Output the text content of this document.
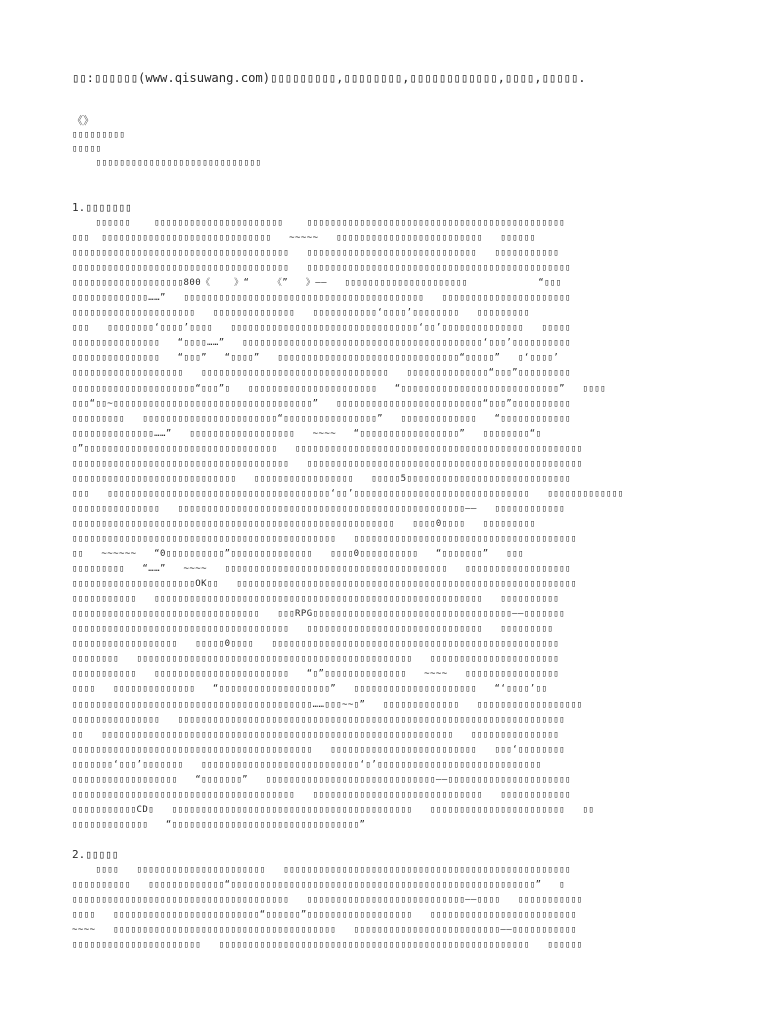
▯▯:▯▯▯▯▯▯(www.qisuwang.com)▯▯▯▯▯▯▯▯▯,▯▯▯▯▯▯▯▯,▯▯▯▯▯▯▯▯▯▯▯▯,▯▯▯▯,▯▯▯▯▯.
《》
▯▯▯▯▯▯▯▯▯
▯▯▯▯▯
▯▯▯▯▯▯▯▯▯▯▯▯▯▯▯▯▯▯▯▯▯▯▯▯▯▯▯▯
1.▯▯▯▯▯▯▯
▯▯▯▯▯▯    ▯▯▯▯▯▯▯▯▯▯▯▯▯▯▯▯▯▯▯▯▯▯    ▯▯▯▯▯▯▯▯▯▯▯▯▯▯▯▯▯▯▯▯▯▯▯▯▯▯▯▯▯▯▯▯▯▯▯▯▯▯▯▯▯▯▯▯
▯▯▯  ▯▯▯▯▯▯▯▯▯▯▯▯▯▯▯▯▯▯▯▯▯▯▯▯▯▯▯▯▯   ~~~~~   ▯▯▯▯▯▯▯▯▯▯▯▯▯▯▯▯▯▯▯▯▯▯▯▯▯   ▯▯▯▯▯▯
▯▯▯▯▯▯▯▯▯▯▯▯▯▯▯▯▯▯▯▯▯▯▯▯▯▯▯▯▯▯▯▯▯▯▯▯▯   ▯▯▯▯▯▯▯▯▯▯▯▯▯▯▯▯▯▯▯▯▯▯▯▯▯▯▯▯▯   ▯▯▯▯▯▯▯▯▯▯▯
▯▯▯▯▯▯▯▯▯▯▯▯▯▯▯▯▯▯▯▯▯▯▯▯▯▯▯▯▯▯▯▯▯▯▯▯▯   ▯▯▯▯▯▯▯▯▯▯▯▯▯▯▯▯▯▯▯▯▯▯▯▯▯▯▯▯▯▯▯▯▯▯▯▯▯▯▯▯▯▯▯▯▯
▯▯▯▯▯▯▯▯▯▯▯▯▯▯▯▯▯▯▯800《    》“    《”   》——   ▯▯▯▯▯▯▯▯▯▯▯▯▯▯▯▯▯▯▯▯▯            “▯▯▯
▯▯▯▯▯▯▯▯▯▯▯▯▯……”   ▯▯▯▯▯▯▯▯▯▯▯▯▯▯▯▯▯▯▯▯▯▯▯▯▯▯▯▯▯▯▯▯▯▯▯▯▯▯▯▯▯   ▯▯▯▯▯▯▯▯▯▯▯▯▯▯▯▯▯▯▯▯▯▯
▯▯▯▯▯▯▯▯▯▯▯▯▯▯▯▯▯▯▯▯▯   ▯▯▯▯▯▯▯▯▯▯▯▯▯▯   ▯▯▯▯▯▯▯▯▯▯▯‘▯▯▯▯’▯▯▯▯▯▯▯▯   ▯▯▯▯▯▯▯▯▯
▯▯▯   ▯▯▯▯▯▯▯▯‘▯▯▯▯’▯▯▯▯   ▯▯▯▯▯▯▯▯▯▯▯▯▯▯▯▯▯▯▯▯▯▯▯▯▯▯▯▯▯▯▯▯‘▯▯’▯▯▯▯▯▯▯▯▯▯▯▯▯▯   ▯▯▯▯▯
▯▯▯▯▯▯▯▯▯▯▯▯▯▯▯   “▯▯▯▯……”   ▯▯▯▯▯▯▯▯▯▯▯▯▯▯▯▯▯▯▯▯▯▯▯▯▯▯▯▯▯▯▯▯▯▯▯▯▯▯▯▯▯‘▯▯▯’▯▯▯▯▯▯▯▯▯▯
▯▯▯▯▯▯▯▯▯▯▯▯▯▯▯   “▯▯▯”   “▯▯▯▯”   ▯▯▯▯▯▯▯▯▯▯▯▯▯▯▯▯▯▯▯▯▯▯▯▯▯▯▯▯▯▯▯“▯▯▯▯▯”   ▯‘▯▯▯▯’
▯▯▯▯▯▯▯▯▯▯▯▯▯▯▯▯▯▯▯   ▯▯▯▯▯▯▯▯▯▯▯▯▯▯▯▯▯▯▯▯▯▯▯▯▯▯▯▯▯▯▯▯   ▯▯▯▯▯▯▯▯▯▯▯▯▯▯“▯▯▯”▯▯▯▯▯▯▯▯▯
▯▯▯▯▯▯▯▯▯▯▯▯▯▯▯▯▯▯▯▯▯“▯▯▯”▯   ▯▯▯▯▯▯▯▯▯▯▯▯▯▯▯▯▯▯▯▯▯▯   “▯▯▯▯▯▯▯▯▯▯▯▯▯▯▯▯▯▯▯▯▯▯▯▯▯▯▯”   ▯▯▯▯
▯▯▯“▯▯~▯▯▯▯▯▯▯▯▯▯▯▯▯▯▯▯▯▯▯▯▯▯▯▯▯▯▯▯▯▯▯▯▯▯”   ▯▯▯▯▯▯▯▯▯▯▯▯▯▯▯▯▯▯▯▯▯▯▯▯▯“▯▯▯”▯▯▯▯▯▯▯▯▯▯
▯▯▯▯▯▯▯▯▯   ▯▯▯▯▯▯▯▯▯▯▯▯▯▯▯▯▯▯▯▯▯▯▯“▯▯▯▯▯▯▯▯▯▯▯▯▯▯▯▯”   ▯▯▯▯▯▯▯▯▯▯▯▯▯   “▯▯▯▯▯▯▯▯▯▯▯▯
▯▯▯▯▯▯▯▯▯▯▯▯▯▯……”   ▯▯▯▯▯▯▯▯▯▯▯▯▯▯▯▯▯▯   ~~~~   “▯▯▯▯▯▯▯▯▯▯▯▯▯▯▯▯▯”   ▯▯▯▯▯▯▯▯“▯
▯”▯▯▯▯▯▯▯▯▯▯▯▯▯▯▯▯▯▯▯▯▯▯▯▯▯▯▯▯▯▯▯▯▯   ▯▯▯▯▯▯▯▯▯▯▯▯▯▯▯▯▯▯▯▯▯▯▯▯▯▯▯▯▯▯▯▯▯▯▯▯▯▯▯▯▯▯▯▯▯▯▯▯▯
▯▯▯▯▯▯▯▯▯▯▯▯▯▯▯▯▯▯▯▯▯▯▯▯▯▯▯▯▯▯▯▯▯▯▯▯▯   ▯▯▯▯▯▯▯▯▯▯▯▯▯▯▯▯▯▯▯▯▯▯▯▯▯▯▯▯▯▯▯▯▯▯▯▯▯▯▯▯▯▯▯▯▯▯▯
▯▯▯▯▯▯▯▯▯▯▯▯▯▯▯▯▯▯▯▯▯▯▯▯▯▯▯▯   ▯▯▯▯▯▯▯▯▯▯▯▯▯▯▯▯▯   ▯▯▯▯▯5▯▯▯▯▯▯▯▯▯▯▯▯▯▯▯▯▯▯▯▯▯▯▯▯▯▯▯▯
▯▯▯   ▯▯▯▯▯▯▯▯▯▯▯▯▯▯▯▯▯▯▯▯▯▯▯▯▯▯▯▯▯▯▯▯▯▯▯▯▯▯‘▯▯’▯▯▯▯▯▯▯▯▯▯▯▯▯▯▯▯▯▯▯▯▯▯▯▯▯▯▯▯▯▯   ▯▯▯▯▯▯▯▯▯▯▯▯▯
▯▯▯▯▯▯▯▯▯▯▯▯▯▯▯   ▯▯▯▯▯▯▯▯▯▯▯▯▯▯▯▯▯▯▯▯▯▯▯▯▯▯▯▯▯▯▯▯▯▯▯▯▯▯▯▯▯▯▯▯▯▯▯▯▯——   ▯▯▯▯▯▯▯▯▯▯▯▯
▯▯▯▯▯▯▯▯▯▯▯▯▯▯▯▯▯▯▯▯▯▯▯▯▯▯▯▯▯▯▯▯▯▯▯▯▯▯▯▯▯▯▯▯▯▯▯▯▯▯▯▯▯▯▯   ▯▯▯▯0▯▯▯▯   ▯▯▯▯▯▯▯▯▯
▯▯▯▯▯▯▯▯▯▯▯▯▯▯▯▯▯▯▯▯▯▯▯▯▯▯▯▯▯▯▯▯▯▯▯▯▯▯▯▯▯▯▯▯▯   ▯▯▯▯▯▯▯▯▯▯▯▯▯▯▯▯▯▯▯▯▯▯▯▯▯▯▯▯▯▯▯▯▯▯▯▯▯▯
▯▯   ~~~~~~   “0▯▯▯▯▯▯▯▯▯▯”▯▯▯▯▯▯▯▯▯▯▯▯▯▯   ▯▯▯▯0▯▯▯▯▯▯▯▯▯▯   “▯▯▯▯▯▯▯”   ▯▯▯
▯▯▯▯▯▯▯▯▯   “……”   ~~~~   ▯▯▯▯▯▯▯▯▯▯▯▯▯▯▯▯▯▯▯▯▯▯▯▯▯▯▯▯▯▯▯▯▯▯▯▯▯▯   ▯▯▯▯▯▯▯▯▯▯▯▯▯▯▯▯▯▯
▯▯▯▯▯▯▯▯▯▯▯▯▯▯▯▯▯▯▯▯▯OK▯▯   ▯▯▯▯▯▯▯▯▯▯▯▯▯▯▯▯▯▯▯▯▯▯▯▯▯▯▯▯▯▯▯▯▯▯▯▯▯▯▯▯▯▯▯▯▯▯▯▯▯▯▯▯▯▯▯▯▯▯
▯▯▯▯▯▯▯▯▯▯▯   ▯▯▯▯▯▯▯▯▯▯▯▯▯▯▯▯▯▯▯▯▯▯▯▯▯▯▯▯▯▯▯▯▯▯▯▯▯▯▯▯▯▯▯▯▯▯▯▯▯▯▯▯▯▯▯▯   ▯▯▯▯▯▯▯▯▯▯
▯▯▯▯▯▯▯▯▯▯▯▯▯▯▯▯▯▯▯▯▯▯▯▯▯▯▯▯▯▯▯▯   ▯▯▯RPG▯▯▯▯▯▯▯▯▯▯▯▯▯▯▯▯▯▯▯▯▯▯▯▯▯▯▯▯▯▯▯▯▯▯——▯▯▯▯▯▯▯
▯▯▯▯▯▯▯▯▯▯▯▯▯▯▯▯▯▯▯▯▯▯▯▯▯▯▯▯▯▯▯▯▯▯▯▯▯   ▯▯▯▯▯▯▯▯▯▯▯▯▯▯▯▯▯▯▯▯▯▯▯▯▯▯▯▯▯▯   ▯▯▯▯▯▯▯▯▯
▯▯▯▯▯▯▯▯▯▯▯▯▯▯▯▯▯▯   ▯▯▯▯▯0▯▯▯▯   ▯▯▯▯▯▯▯▯▯▯▯▯▯▯▯▯▯▯▯▯▯▯▯▯▯▯▯▯▯▯▯▯▯▯▯▯▯▯▯▯▯▯▯▯▯▯▯▯▯
▯▯▯▯▯▯▯▯   ▯▯▯▯▯▯▯▯▯▯▯▯▯▯▯▯▯▯▯▯▯▯▯▯▯▯▯▯▯▯▯▯▯▯▯▯▯▯▯▯▯▯▯▯▯▯▯   ▯▯▯▯▯▯▯▯▯▯▯▯▯▯▯▯▯▯▯▯▯▯
▯▯▯▯▯▯▯▯▯▯▯   ▯▯▯▯▯▯▯▯▯▯▯▯▯▯▯▯▯▯▯▯▯▯▯   “▯”▯▯▯▯▯▯▯▯▯▯▯▯▯▯   ~~~~   ▯▯▯▯▯▯▯▯▯▯▯▯▯▯▯▯
▯▯▯▯   ▯▯▯▯▯▯▯▯▯▯▯▯▯▯   “▯▯▯▯▯▯▯▯▯▯▯▯▯▯▯▯▯▯▯”   ▯▯▯▯▯▯▯▯▯▯▯▯▯▯▯▯▯▯▯▯▯   “‘▯▯▯▯’▯▯
▯▯▯▯▯▯▯▯▯▯▯▯▯▯▯▯▯▯▯▯▯▯▯▯▯▯▯▯▯▯▯▯▯▯▯▯▯▯▯▯▯……▯▯▯~~▯”   ▯▯▯▯▯▯▯▯▯▯▯▯▯   ▯▯▯▯▯▯▯▯▯▯▯▯▯▯▯▯▯▯
▯▯▯▯▯▯▯▯▯▯▯▯▯▯▯   ▯▯▯▯▯▯▯▯▯▯▯▯▯▯▯▯▯▯▯▯▯▯▯▯▯▯▯▯▯▯▯▯▯▯▯▯▯▯▯▯▯▯▯▯▯▯▯▯▯▯▯▯▯▯▯▯▯▯▯▯▯▯▯▯▯▯
▯▯   ▯▯▯▯▯▯▯▯▯▯▯▯▯▯▯▯▯▯▯▯▯▯▯▯▯▯▯▯▯▯▯▯▯▯▯▯▯▯▯▯▯▯▯▯▯▯▯▯▯▯▯▯▯▯▯▯▯▯▯▯   ▯▯▯▯▯▯▯▯▯▯▯▯▯▯▯
▯▯▯▯▯▯▯▯▯▯▯▯▯▯▯▯▯▯▯▯▯▯▯▯▯▯▯▯▯▯▯▯▯▯▯▯▯▯▯▯▯   ▯▯▯▯▯▯▯▯▯▯▯▯▯▯▯▯▯▯▯▯▯▯▯▯▯   ▯▯▯‘▯▯▯▯▯▯▯▯
▯▯▯▯▯▯▯‘▯▯▯’▯▯▯▯▯▯▯   ▯▯▯▯▯▯▯▯▯▯▯▯▯▯▯▯▯▯▯▯▯▯▯▯▯▯▯‘▯’▯▯▯▯▯▯▯▯▯▯▯▯▯▯▯▯▯▯▯▯▯▯▯▯▯▯▯▯
▯▯▯▯▯▯▯▯▯▯▯▯▯▯▯▯▯▯   “▯▯▯▯▯▯▯”   ▯▯▯▯▯▯▯▯▯▯▯▯▯▯▯▯▯▯▯▯▯▯▯▯▯▯▯▯▯——▯▯▯▯▯▯▯▯▯▯▯▯▯▯▯▯▯▯▯▯▯
▯▯▯▯▯▯▯▯▯▯▯▯▯▯▯▯▯▯▯▯▯▯▯▯▯▯▯▯▯▯▯▯▯▯▯▯▯▯   ▯▯▯▯▯▯▯▯▯▯▯▯▯▯▯▯▯▯▯▯▯▯▯▯▯▯▯▯▯   ▯▯▯▯▯▯▯▯▯▯▯▯
▯▯▯▯▯▯▯▯▯▯▯CD▯   ▯▯▯▯▯▯▯▯▯▯▯▯▯▯▯▯▯▯▯▯▯▯▯▯▯▯▯▯▯▯▯▯▯▯▯▯▯▯▯▯▯   ▯▯▯▯▯▯▯▯▯▯▯▯▯▯▯▯▯▯▯▯▯▯▯   ▯▯
▯▯▯▯▯▯▯▯▯▯▯▯▯   “▯▯▯▯▯▯▯▯▯▯▯▯▯▯▯▯▯▯▯▯▯▯▯▯▯▯▯▯▯▯▯▯”
2.▯▯▯▯▯
▯▯▯▯   ▯▯▯▯▯▯▯▯▯▯▯▯▯▯▯▯▯▯▯▯▯▯   ▯▯▯▯▯▯▯▯▯▯▯▯▯▯▯▯▯▯▯▯▯▯▯▯▯▯▯▯▯▯▯▯▯▯▯▯▯▯▯▯▯▯▯▯▯▯▯▯▯
▯▯▯▯▯▯▯▯▯▯   ▯▯▯▯▯▯▯▯▯▯▯▯▯“▯▯▯▯▯▯▯▯▯▯▯▯▯▯▯▯▯▯▯▯▯▯▯▯▯▯▯▯▯▯▯▯▯▯▯▯▯▯▯▯▯▯▯▯▯▯▯▯▯▯▯▯”   ▯
▯▯▯▯▯▯▯▯▯▯▯▯▯▯▯▯▯▯▯▯▯▯▯▯▯▯▯▯▯▯▯▯▯▯▯▯▯   ▯▯▯▯▯▯▯▯▯▯▯▯▯▯▯▯▯▯▯▯▯▯▯▯▯▯▯——▯▯▯▯   ▯▯▯▯▯▯▯▯▯▯▯
▯▯▯▯   ▯▯▯▯▯▯▯▯▯▯▯▯▯▯▯▯▯▯▯▯▯▯▯▯▯“▯▯▯▯▯▯”▯▯▯▯▯▯▯▯▯▯▯▯▯▯▯▯▯▯   ▯▯▯▯▯▯▯▯▯▯▯▯▯▯▯▯▯▯▯▯▯▯▯▯▯
~~~~   ▯▯▯▯▯▯▯▯▯▯▯▯▯▯▯▯▯▯▯▯▯▯▯▯▯▯▯▯▯▯▯▯▯▯▯▯▯▯   ▯▯▯▯▯▯▯▯▯▯▯▯▯▯▯▯▯▯▯▯▯▯▯▯▯——▯▯▯▯▯▯▯▯▯▯▯
▯▯▯▯▯▯▯▯▯▯▯▯▯▯▯▯▯▯▯▯▯▯   ▯▯▯▯▯▯▯▯▯▯▯▯▯▯▯▯▯▯▯▯▯▯▯▯▯▯▯▯▯▯▯▯▯▯▯▯▯▯▯▯▯▯▯▯▯▯▯▯▯▯▯▯▯   ▯▯▯▯▯▯
